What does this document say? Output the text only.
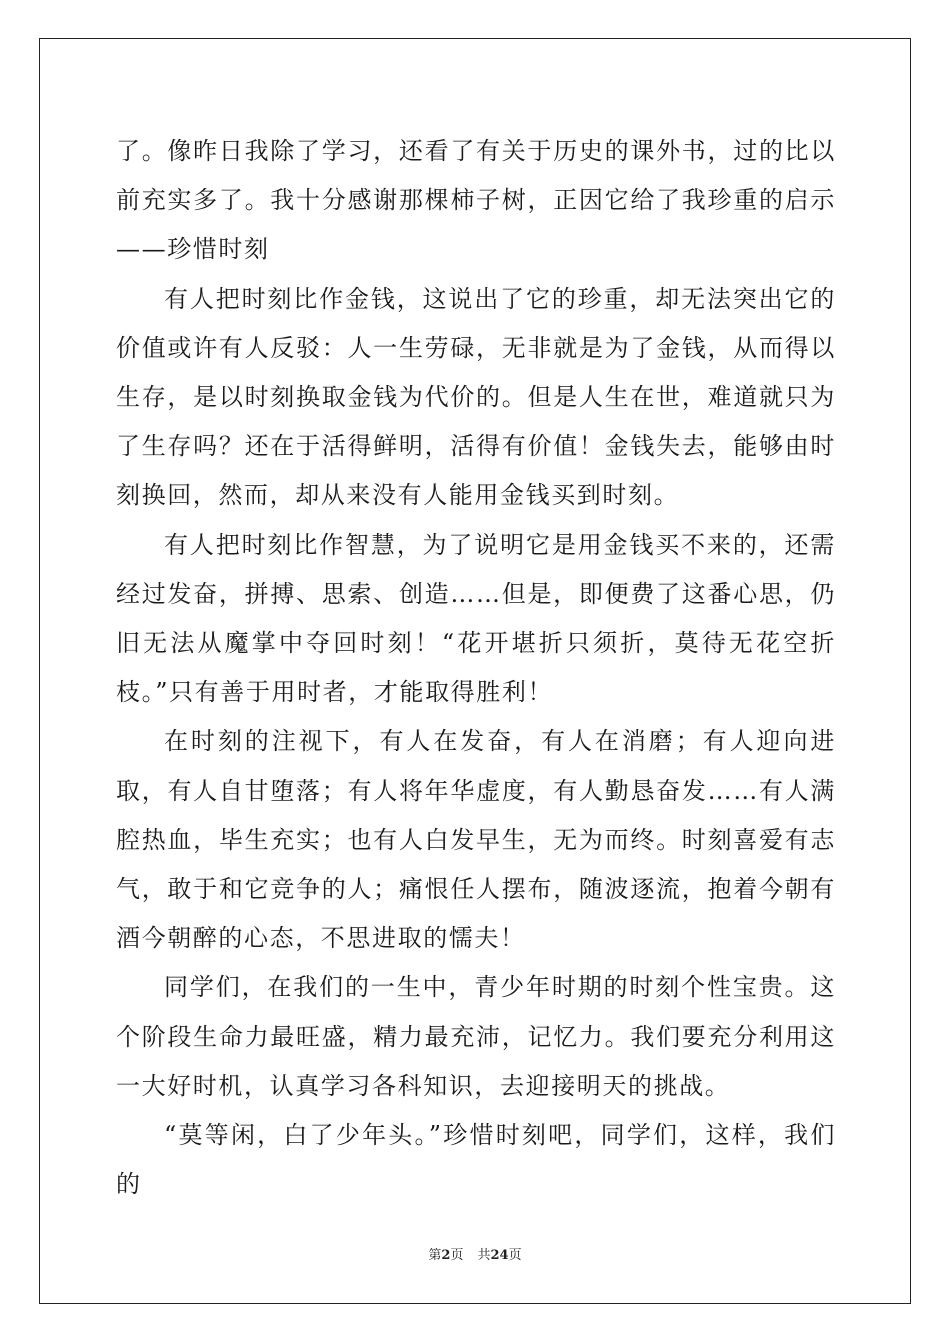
了。像昨日我除了学习，还看了有关于历史的课外书，过的比以前充实多了。我十分感谢那棵柿子树，正因它给了我珍重的启示——珍惜时刻

有人把时刻比作金钱，这说出了它的珍重，却无法突出它的价值或许有人反驳：人一生劳碌，无非就是为了金钱，从而得以生存，是以时刻换取金钱为代价的。但是人生在世，难道就只为了生存吗？还在于活得鲜明，活得有价值！金钱失去，能够由时刻换回，然而，却从来没有人能用金钱买到时刻。

有人把时刻比作智慧，为了说明它是用金钱买不来的，还需经过发奋，拼搏、思索、创造……但是，即便费了这番心思，仍旧无法从魔掌中夺回时刻！“花开堪折只须折，莫待无花空折枝。”只有善于用时者，才能取得胜利！

在时刻的注视下，有人在发奋，有人在消磨；有人迎向进取，有人自甘堕落；有人将年华虚度，有人勤恳奋发……有人满腔热血，毕生充实；也有人白发早生，无为而终。时刻喜爱有志气，敢于和它竞争的人；痛恨任人摆布，随波逐流，抱着今朝有酒今朝醉的心态，不思进取的懦夫！

同学们，在我们的一生中，青少年时期的时刻个性宝贵。这个阶段生命力最旺盛，精力最充沛，记忆力。我们要充分利用这一大好时机，认真学习各科知识，去迎接明天的挑战。

“莫等闲，白了少年头。”珍惜时刻吧，同学们，这样，我们的

第2页 共24页
